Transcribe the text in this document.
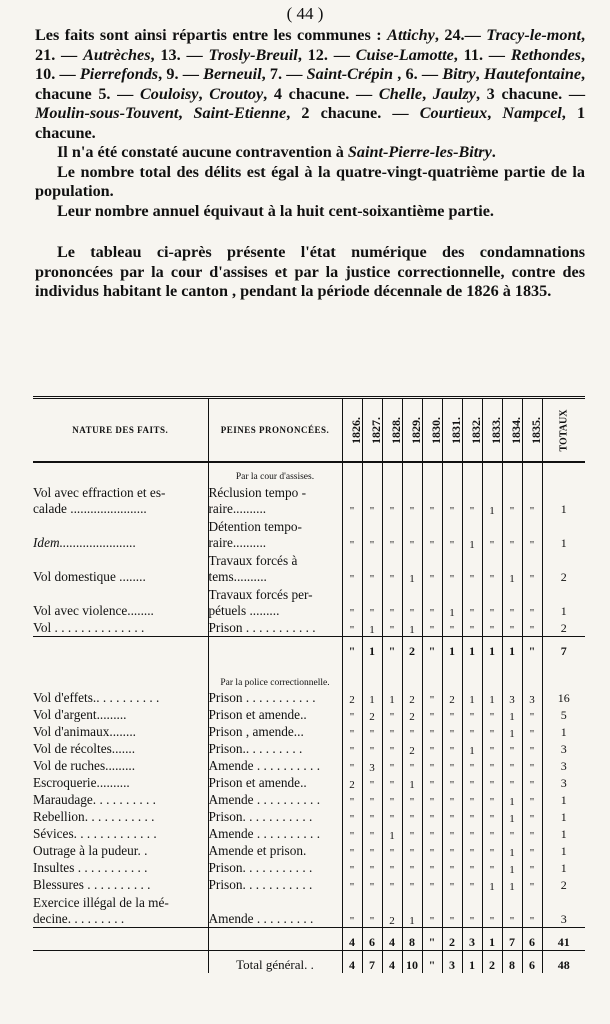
( 44 )

Les faits sont ainsi répartis entre les communes : Attichy, 24.— Tracy-le-mont, 21. — Autrèches, 13. — Trosly-Breuil, 12. — Cuise-Lamotte, 11. — Rethondes, 10. — Pierrefonds, 9. — Berneuil, 7. — Saint-Crépin , 6. — Bitry, Hautefontaine, chacune 5. — Couloisy, Croutoy, 4 chacune. — Chelle, Jaulzy, 3 chacune. — Moulin-sous-Touvent, Saint-Etienne, 2 chacune. — Courtieux, Nampcel, 1 chacune.

Il n'a été constaté aucune contravention à Saint-Pierre-les-Bitry.

Le nombre total des délits est égal à la quatre-vingt-quatrième partie de la population.

Leur nombre annuel équivaut à la huit cent-soixantième partie.

Le tableau ci-après présente l'état numérique des condamnations prononcées par la cour d'assises et par la justice correctionnelle, contre des individus habitant le canton , pendant la période décennale de 1826 à 1835.

NATURE DES FAITS.	PEINES PRONONCÉES.	1826.	1827.	1828.	1829.	1830.	1831.	1832.	1833.	1834.	1835.	TOTAUX
	Par la cour d'assises.											
Vol avec effraction et es-
calade .......................	Réclusion tempo -
raire..........	"	"	"	"	"	"	"	1	"	"	1

Idem.......................	Détention tempo-
raire..........	"	"	"	"	"	"	1	"	"	"	1

Vol domestique ........	Travaux forcés à
tems..........	"	"	"	1	"	"	"	"	1	"	2

Vol avec violence........	Travaux forcés per-
pétuels .........	"	"	"	"	"	1	"	"	"	"	1
Vol . . . . . . . . . . . . . .	Prison . . . . . . . . . . .	"	1	"	1	"	"	"	"	"	"	2
		"	1	"	2	"	1	1	1	1	"	7
	Par la police correctionnelle.											
Vol d'effets.. . . . . . . . . .	Prison . . . . . . . . . . .	2	1	1	2	"	2	1	1	3	3	16
Vol d'argent.........	Prison et amende..	"	2	"	2	"	"	"	"	1	"	5
Vol d'animaux........	Prison , amende...	"	"	"	"	"	"	"	"	1	"	1
Vol de récoltes.......	Prison.. . . . . . . . .	"	"	"	2	"	"	1	"	"	"	3
Vol de ruches.........	Amende . . . . . . . . . .	"	3	"	"	"	"	"	"	"	"	3
Escroquerie..........	Prison et amende..	2	"	"	1	"	"	"	"	"	"	3
Maraudage. . . . . . . . . .	Amende . . . . . . . . . .	"	"	"	"	"	"	"	"	1	"	1
Rebellion. . . . . . . . . . .	Prison. . . . . . . . . . .	"	"	"	"	"	"	"	"	1	"	1
Sévices. . . . . . . . . . . . .	Amende . . . . . . . . . .	"	"	1	"	"	"	"	"	"	"	1
Outrage à la pudeur. .	Amende et prison.	"	"	"	"	"	"	"	"	1	"	1
Insultes . . . . . . . . . . .	Prison. . . . . . . . . . .	"	"	"	"	"	"	"	"	1	"	1
Blessures . . . . . . . . . .	Prison. . . . . . . . . . .	"	"	"	"	"	"	"	1	1	"	2
Exercice illégal de la mé-
decine. . . . . . . . .	Amende . . . . . . . . .	"	"	2	1	"	"	"	"	"	"	3
		4	6	4	8	"	2	3	1	7	6	41
	Total général. .	4	7	4	10	"	3	1	2	8	6	48
